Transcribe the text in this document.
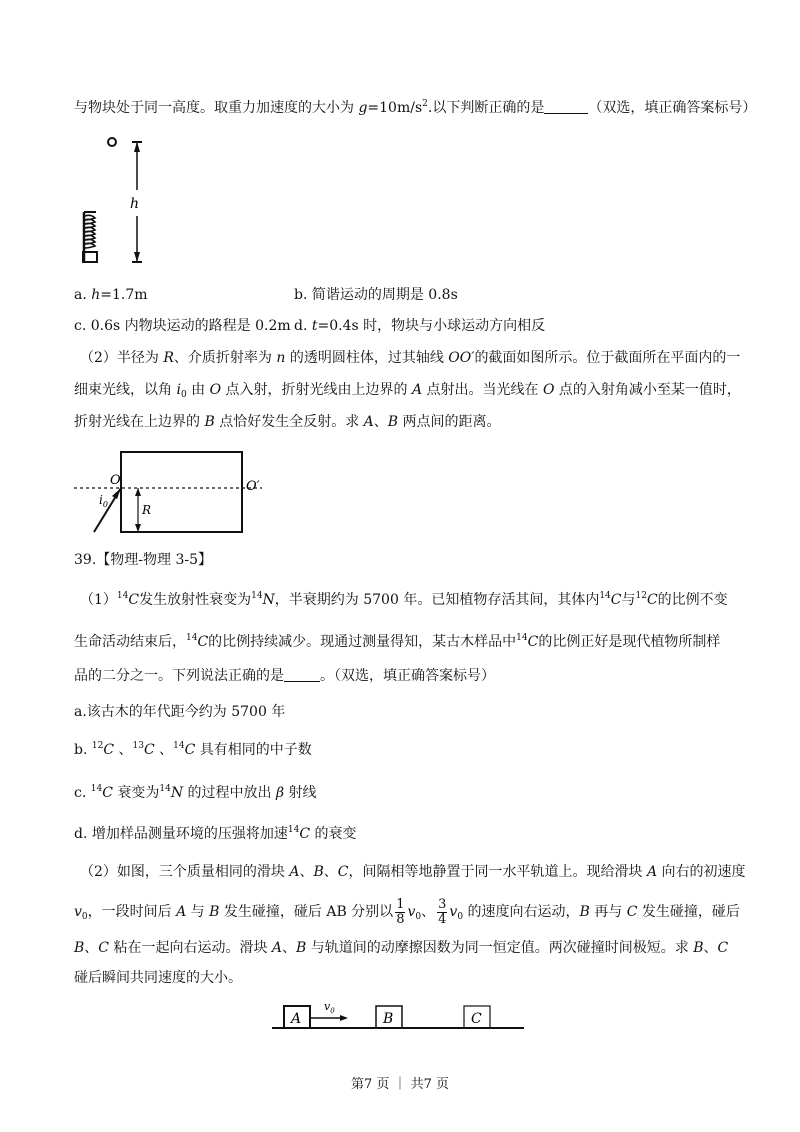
与物块处于同一高度。取重力加速度的大小为 $g=10m/s^2$.以下判断正确的是	（双选，填正确答案标号）
h
a. h=1.7m	b. 简谐运动的周期是 0.8s
c. 0.6s 内物块运动的路程是 0.2m d. t=0.4s 时，物块与小球运动方向相反
（2）半径为 R、介质折射率为 n 的透明圆柱体，过其轴线 OO′的截面如图所示。位于截面所在平面内的一
细束光线，以角 $i_0$ 由 O 点入射，折射光线由上边界的 A 点射出。当光线在 O 点的入射角减小至某一值时，
折射光线在上边界的 B 点恰好发生全反射。求 A、B 两点间的距离。
O	O′
$i_0$	R
39.【物理-物理 3-5】
$(1)^{14}C$发生放射性衰变为$^{14}$N，半衰期约为 5700 年。已知植物存活其间，其体内$^{14}$C与$^{12}$C的比例不变
生命活动结束后，$^{14}$C的比例持续减少。现通过测量得知，某古木样品中$^{14}$C的比例正好是现代植物所制样
品的二分之一。下列说法正确的是	。（双选，填正确答案标号）
a.该古木的年代距今约为 5700 年
b. $^{12}$C 、$^{13}$C 、$^{14}$C 具有相同的中子数
c. $^{14}$C 衰变为$^{14}$N 的过程中放出 β 射线
d. 增加样品测量环境的压强将加速$^{14}$C 的衰变
（2）如图，三个质量相同的滑块 A、B、C，间隔相等地静置于同一水平轨道上。现给滑块 A 向右的初速度
$v_0$，一段时间后 A 与 B 发生碰撞，碰后 AB 分别以 $\frac{1}{8} v_0$、 $\frac{3}{4} v_0$ 的速度向右运动，B 再与 C 发生碰撞，碰后
B、C 粘在一起向右运动。滑块 A、B 与轨道间的动摩擦因数为同一恒定值。两次碰撞时间极短。求 B、C
碰后瞬间共同速度的大小。
A	B	C
$v_0$
第7 页 ｜ 共7 页
